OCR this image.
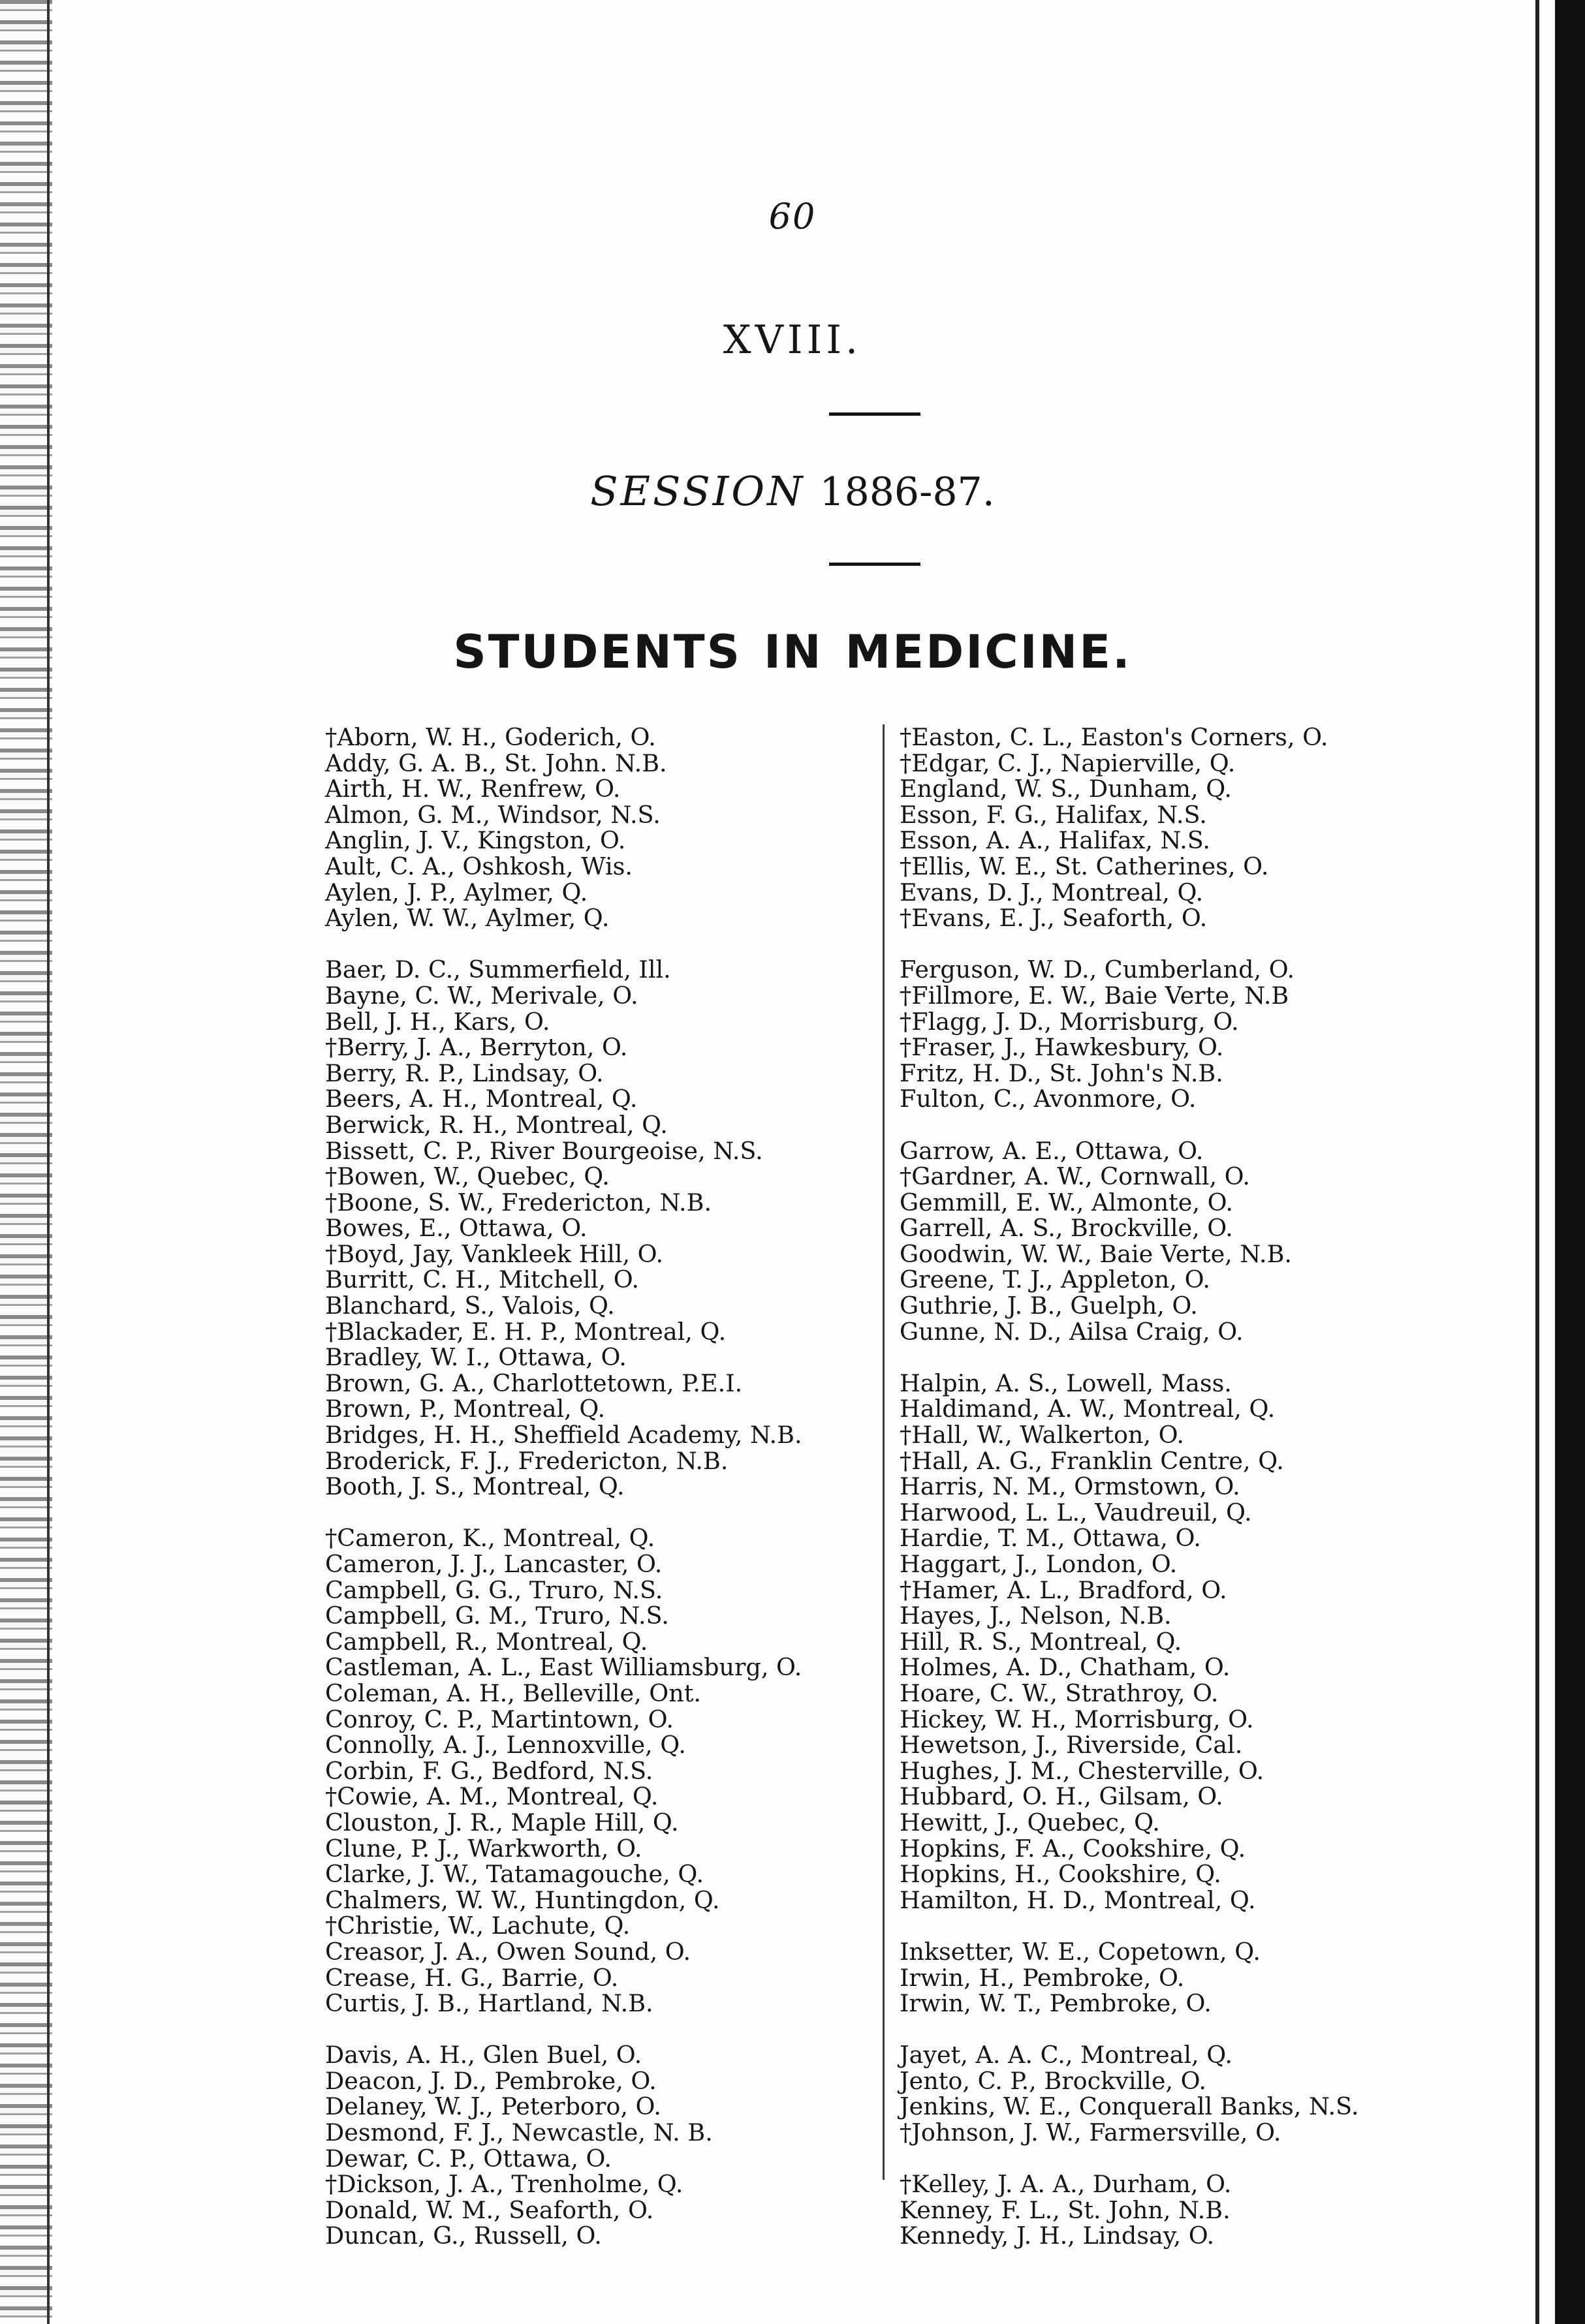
60
XVIII.
SESSION 1886-87.
STUDENTS IN MEDICINE.
†Aborn, W. H., Goderich, O.
Addy, G. A. B., St. John. N.B.
Airth, H. W., Renfrew, O.
Almon, G. M., Windsor, N.S.
Anglin, J. V., Kingston, O.
Ault, C. A., Oshkosh, Wis.
Aylen, J. P., Aylmer, Q.
Aylen, W. W., Aylmer, Q.
Baer, D. C., Summerfield, Ill.
Bayne, C. W., Merivale, O.
Bell, J. H., Kars, O.
†Berry, J. A., Berryton, O.
Berry, R. P., Lindsay, O.
Beers, A. H., Montreal, Q.
Berwick, R. H., Montreal, Q.
Bissett, C. P., River Bourgeoise, N.S.
†Bowen, W., Quebec, Q.
†Boone, S. W., Fredericton, N.B.
Bowes, E., Ottawa, O.
†Boyd, Jay, Vankleek Hill, O.
Burritt, C. H., Mitchell, O.
Blanchard, S., Valois, Q.
†Blackader, E. H. P., Montreal, Q.
Bradley, W. I., Ottawa, O.
Brown, G. A., Charlottetown, P.E.I.
Brown, P., Montreal, Q.
Bridges, H. H., Sheffield Academy, N.B.
Broderick, F. J., Fredericton, N.B.
Booth, J. S., Montreal, Q.
†Cameron, K., Montreal, Q.
Cameron, J. J., Lancaster, O.
Campbell, G. G., Truro, N.S.
Campbell, G. M., Truro, N.S.
Campbell, R., Montreal, Q.
Castleman, A. L., East Williamsburg, O.
Coleman, A. H., Belleville, Ont.
Conroy, C. P., Martintown, O.
Connolly, A. J., Lennoxville, Q.
Corbin, F. G., Bedford, N.S.
†Cowie, A. M., Montreal, Q.
Clouston, J. R., Maple Hill, Q.
Clune, P. J., Warkworth, O.
Clarke, J. W., Tatamagouche, Q.
Chalmers, W. W., Huntingdon, Q.
†Christie, W., Lachute, Q.
Creasor, J. A., Owen Sound, O.
Crease, H. G., Barrie, O.
Curtis, J. B., Hartland, N.B.
Davis, A. H., Glen Buel, O.
Deacon, J. D., Pembroke, O.
Delaney, W. J., Peterboro, O.
Desmond, F. J., Newcastle, N. B.
Dewar, C. P., Ottawa, O.
†Dickson, J. A., Trenholme, Q.
Donald, W. M., Seaforth, O.
Duncan, G., Russell, O.
†Easton, C. L., Easton's Corners, O.
†Edgar, C. J., Napierville, Q.
England, W. S., Dunham, Q.
Esson, F. G., Halifax, N.S.
Esson, A. A., Halifax, N.S.
†Ellis, W. E., St. Catherines, O.
Evans, D. J., Montreal, Q.
†Evans, E. J., Seaforth, O.
Ferguson, W. D., Cumberland, O.
†Fillmore, E. W., Baie Verte, N.B
†Flagg, J. D., Morrisburg, O.
†Fraser, J., Hawkesbury, O.
Fritz, H. D., St. John's N.B.
Fulton, C., Avonmore, O.
Garrow, A. E., Ottawa, O.
†Gardner, A. W., Cornwall, O.
Gemmill, E. W., Almonte, O.
Garrell, A. S., Brockville, O.
Goodwin, W. W., Baie Verte, N.B.
Greene, T. J., Appleton, O.
Guthrie, J. B., Guelph, O.
Gunne, N. D., Ailsa Craig, O.
Halpin, A. S., Lowell, Mass.
Haldimand, A. W., Montreal, Q.
†Hall, W., Walkerton, O.
†Hall, A. G., Franklin Centre, Q.
Harris, N. M., Ormstown, O.
Harwood, L. L., Vaudreuil, Q.
Hardie, T. M., Ottawa, O.
Haggart, J., London, O.
†Hamer, A. L., Bradford, O.
Hayes, J., Nelson, N.B.
Hill, R. S., Montreal, Q.
Holmes, A. D., Chatham, O.
Hoare, C. W., Strathroy, O.
Hickey, W. H., Morrisburg, O.
Hewetson, J., Riverside, Cal.
Hughes, J. M., Chesterville, O.
Hubbard, O. H., Gilsam, O.
Hewitt, J., Quebec, Q.
Hopkins, F. A., Cookshire, Q.
Hopkins, H., Cookshire, Q.
Hamilton, H. D., Montreal, Q.
Inksetter, W. E., Copetown, Q.
Irwin, H., Pembroke, O.
Irwin, W. T., Pembroke, O.
Jayet, A. A. C., Montreal, Q.
Jento, C. P., Brockville, O.
Jenkins, W. E., Conquerall Banks, N.S.
†Johnson, J. W., Farmersville, O.
†Kelley, J. A. A., Durham, O.
Kenney, F. L., St. John, N.B.
Kennedy, J. H., Lindsay, O.
